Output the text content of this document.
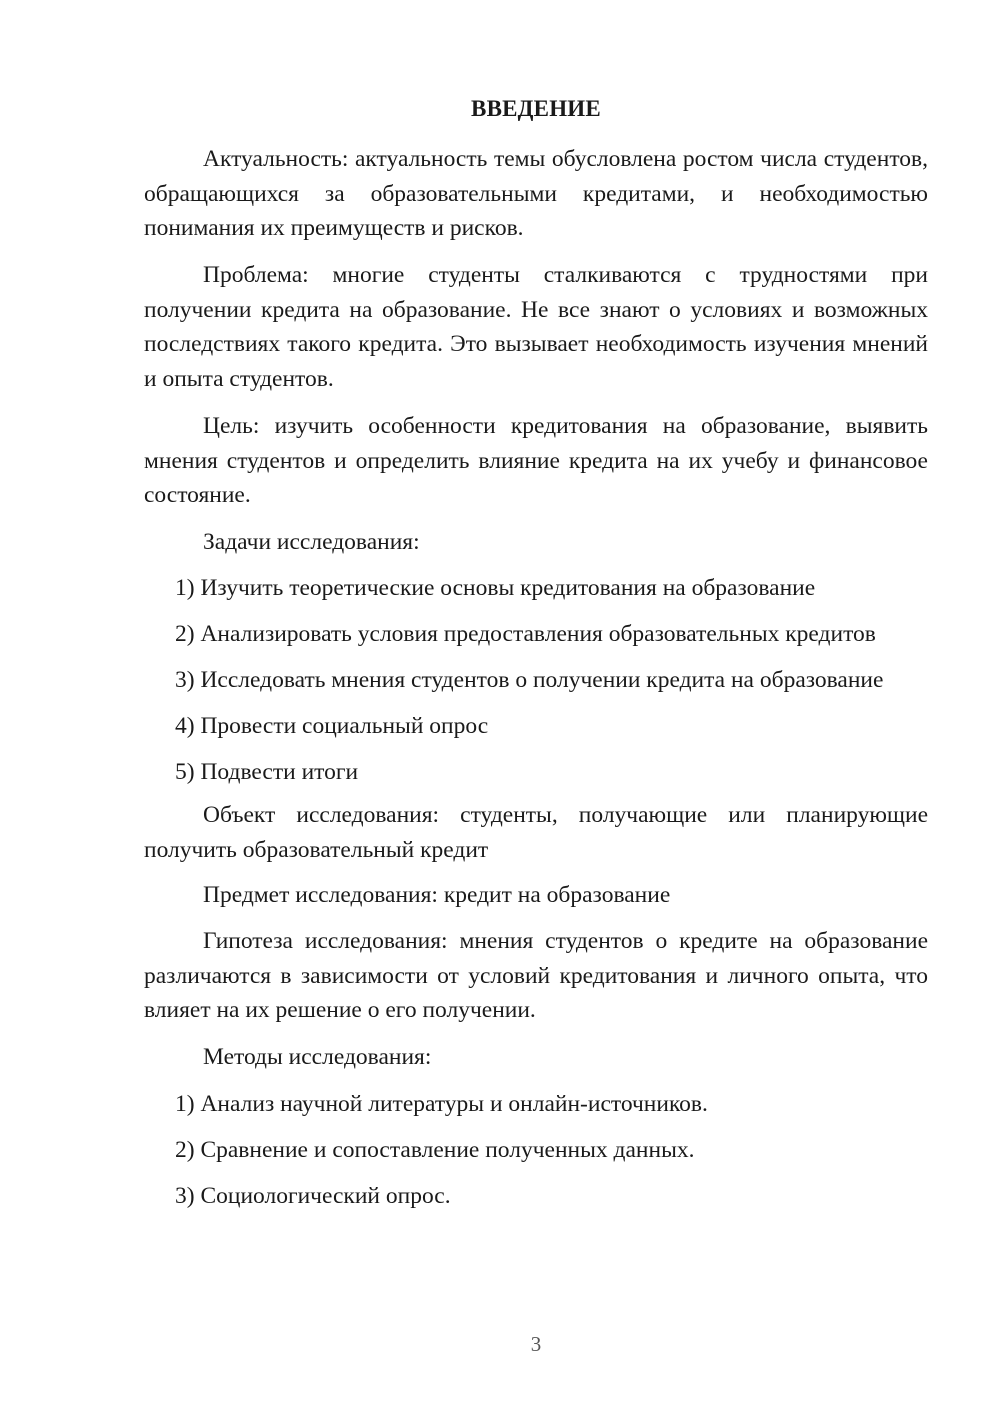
ВВЕДЕНИЕ

Актуальность: актуальность темы обусловлена ростом числа студентов, обращающихся за образовательными кредитами, и необходимостью понимания их преимуществ и рисков.

Проблема: многие студенты сталкиваются с трудностями при получении кредита на образование. Не все знают о условиях и возможных последствиях такого кредита. Это вызывает необходимость изучения мнений и опыта студентов.

Цель: изучить особенности кредитования на образование, выявить мнения студентов и определить влияние кредита на их учебу и финансовое состояние.

Задачи исследования:

1) Изучить теоретические основы кредитования на образование

2) Анализировать условия предоставления образовательных кредитов

3) Исследовать мнения студентов о получении кредита на образование

4) Провести социальный опрос

5) Подвести итоги

Объект исследования: студенты, получающие или планирующие получить образовательный кредит

Предмет исследования: кредит на образование

Гипотеза исследования: мнения студентов о кредите на образование различаются в зависимости от условий кредитования и личного опыта, что влияет на их решение о его получении.

Методы исследования:

1) Анализ научной литературы и онлайн-источников.

2) Сравнение и сопоставление полученных данных.

3) Социологический опрос.

3
